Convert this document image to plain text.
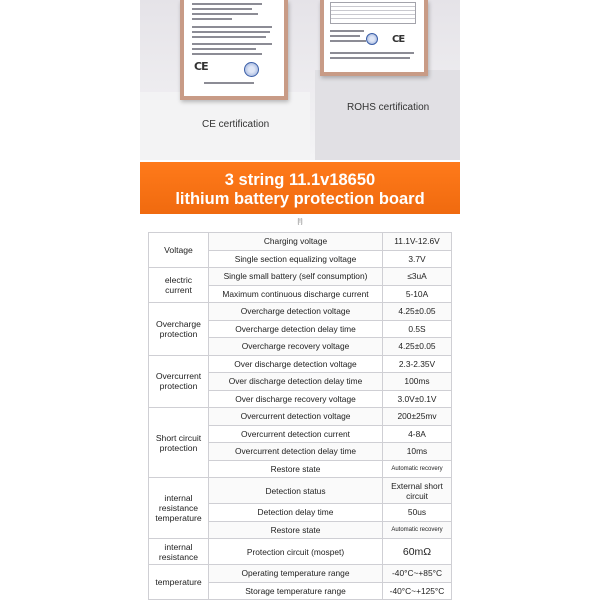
CE
CE
CE certification
ROHS certification
3 string 11.1v18650
lithium battery protection board
[!]
Voltage	Charging voltage	11.1V-12.6V
	Single section equalizing voltage	3.7V
electric current	Single small battery (self consumption)	≤3uA
	Maximum continuous discharge current	5-10A
Overcharge protection	Overcharge detection voltage	4.25±0.05
	Overcharge detection delay time	0.5S
	Overcharge recovery voltage	4.25±0.05
Overcurrent protection	Over discharge detection voltage	2.3-2.35V
	Over discharge detection delay time	100ms
	Over discharge recovery voltage	3.0V±0.1V
Short circuit protection	Overcurrent detection voltage	200±25mv
	Overcurrent detection current	4-8A
	Overcurrent detection delay time	10ms
	Restore state	Automatic recovery
internal resistance temperature	Detection status	External short circuit
	Detection delay time	50us
	Restore state	Automatic recovery
internal resistance	Protection circuit (mospet)	60mΩ
temperature	Operating temperature range	-40°C~+85°C
	Storage temperature range	-40°C~+125°C
